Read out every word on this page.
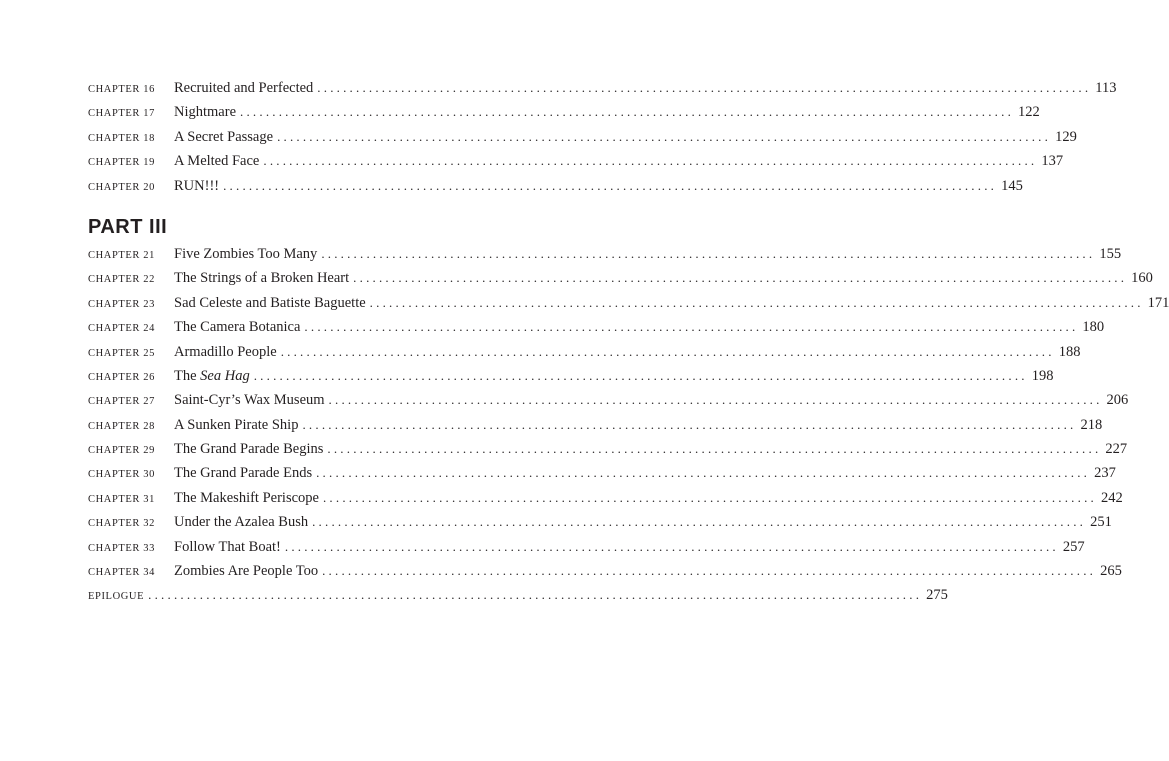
CHAPTER 16	Recruited and Perfected ........................................................................................................................ 113
CHAPTER 17	Nightmare ........................................................................................................................ 122
CHAPTER 18	A Secret Passage ........................................................................................................................ 129
CHAPTER 19	A Melted Face ........................................................................................................................ 137
CHAPTER 20	RUN!!! ........................................................................................................................ 145
PART III
CHAPTER 21	Five Zombies Too Many ........................................................................................................................ 155
CHAPTER 22	The Strings of a Broken Heart ........................................................................................................................ 160
CHAPTER 23	Sad Celeste and Batiste Baguette ........................................................................................................................ 171
CHAPTER 24	The Camera Botanica ........................................................................................................................ 180
CHAPTER 25	Armadillo People ........................................................................................................................ 188
CHAPTER 26	The Sea Hag ........................................................................................................................ 198
CHAPTER 27	Saint-Cyr’s Wax Museum ........................................................................................................................ 206
CHAPTER 28	A Sunken Pirate Ship ........................................................................................................................ 218
CHAPTER 29	The Grand Parade Begins ........................................................................................................................ 227
CHAPTER 30	The Grand Parade Ends ........................................................................................................................ 237
CHAPTER 31	The Makeshift Periscope ........................................................................................................................ 242
CHAPTER 32	Under the Azalea Bush ........................................................................................................................ 251
CHAPTER 33	Follow That Boat! ........................................................................................................................ 257
CHAPTER 34	Zombies Are People Too ........................................................................................................................ 265
EPILOGUE ........................................................................................................................ 275
